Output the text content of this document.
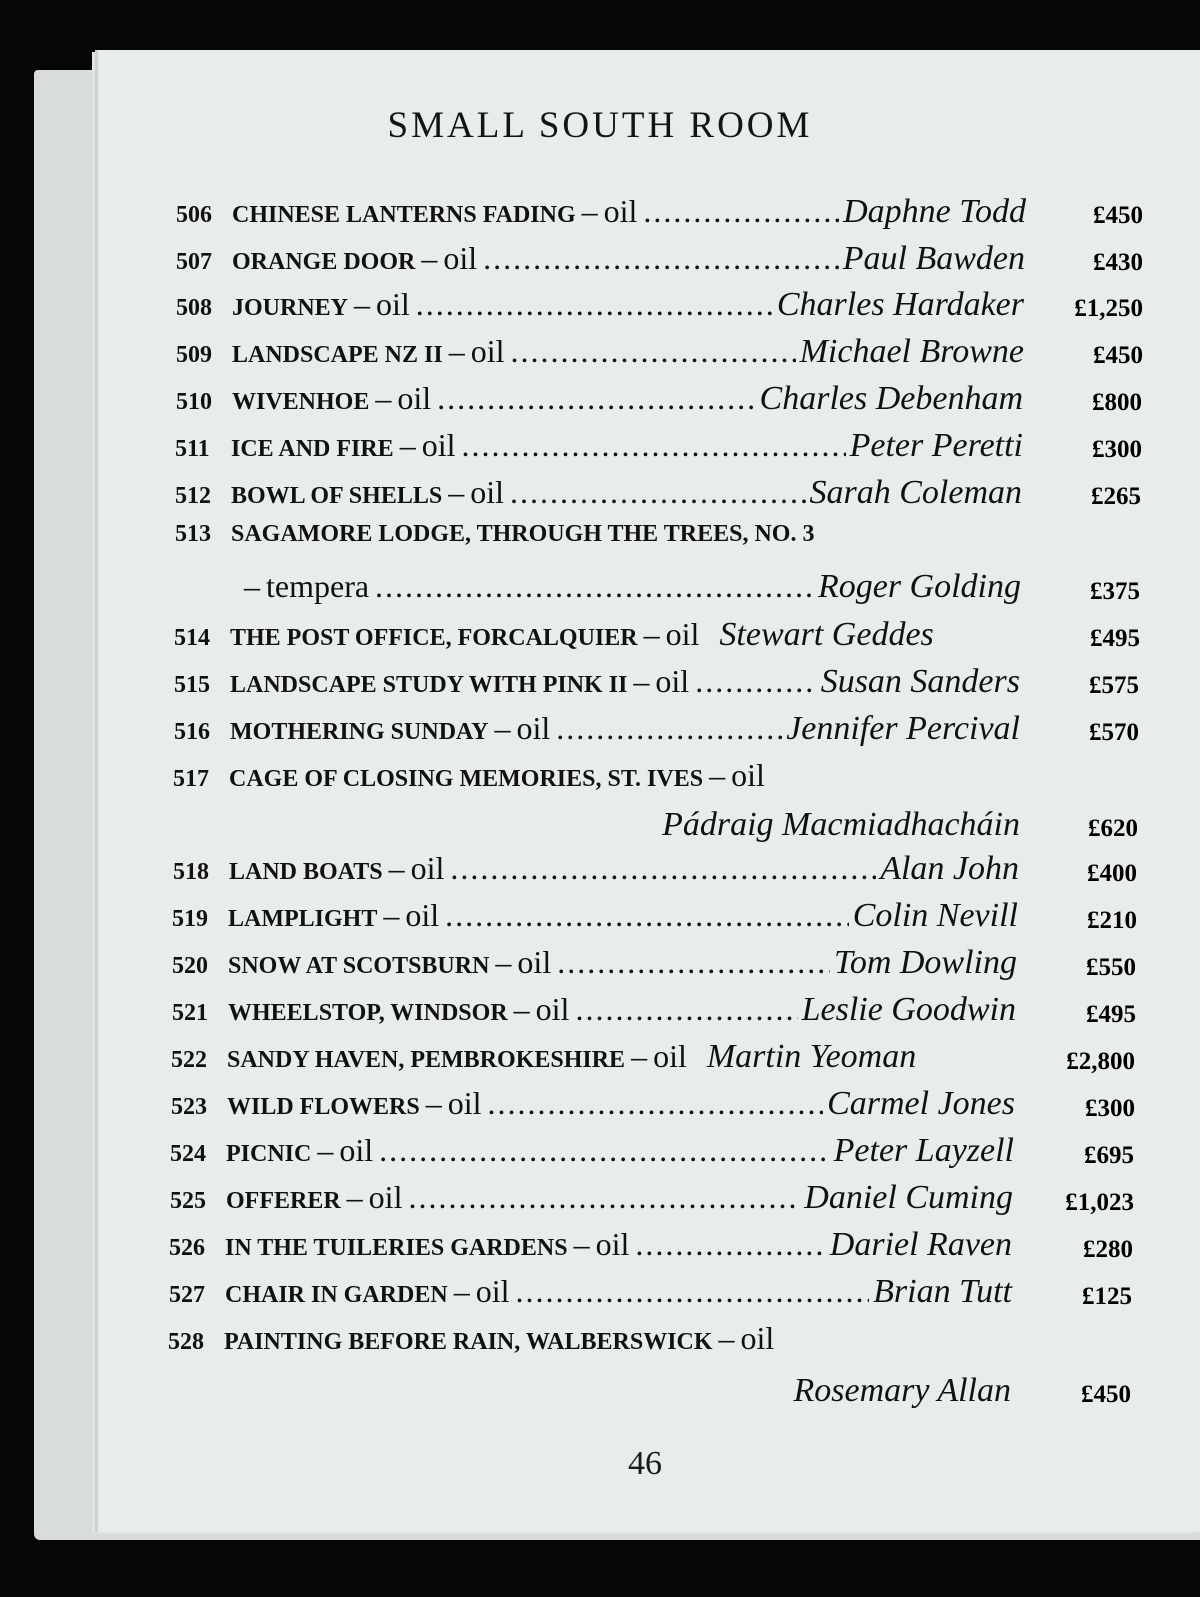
SMALL SOUTH ROOM
506 CHINESE LANTERNS FADING – oil .....	Daphne Todd	£450
507 ORANGE DOOR – oil .....	Paul Bawden	£430
508 JOURNEY – oil .....	Charles Hardaker	£1,250
509 LANDSCAPE NZ II – oil .....	Michael Browne	£450
510 WIVENHOE – oil .....	Charles Debenham	£800
511 ICE AND FIRE – oil .....	Peter Peretti	£300
512 BOWL OF SHELLS – oil .....	Sarah Coleman	£265
513 SAGAMORE LODGE, THROUGH THE TREES, NO. 3
– tempera .....	Roger Golding	£375
514 THE POST OFFICE, FORCALQUIER – oil Stewart Geddes	£495
515 LANDSCAPE STUDY WITH PINK II – oil .....	Susan Sanders	£575
516 MOTHERING SUNDAY – oil .....	Jennifer Percival	£570
517 CAGE OF CLOSING MEMORIES, ST. IVES – oil
Pádraig Macmiadhacháin	£620
518 LAND BOATS – oil .....	Alan John	£400
519 LAMPLIGHT – oil .....	Colin Nevill	£210
520 SNOW AT SCOTSBURN – oil .....	Tom Dowling	£550
521 WHEELSTOP, WINDSOR – oil .....	Leslie Goodwin	£495
522 SANDY HAVEN, PEMBROKESHIRE – oil Martin Yeoman	£2,800
523 WILD FLOWERS – oil .....	Carmel Jones	£300
524 PICNIC – oil .....	Peter Layzell	£695
525 OFFERER – oil .....	Daniel Cuming	£1,023
526 IN THE TUILERIES GARDENS – oil .....	Dariel Raven	£280
527 CHAIR IN GARDEN – oil .....	Brian Tutt	£125
528 PAINTING BEFORE RAIN, WALBERSWICK – oil
Rosemary Allan	£450
46
